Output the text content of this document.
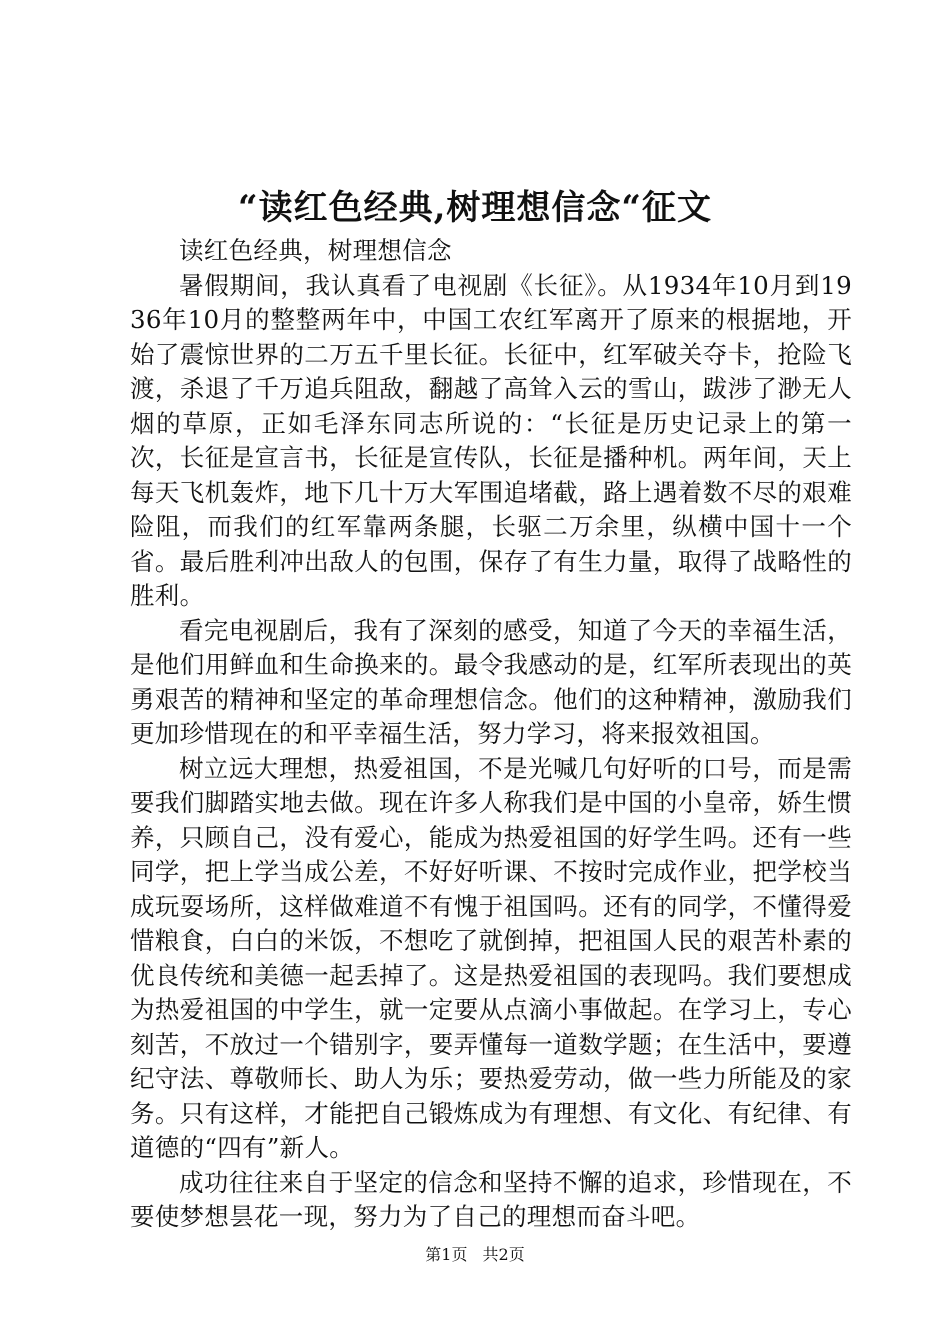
“读红色经典,树理想信念“征文

读红色经典，树理想信念

暑假期间，我认真看了电视剧《长征》。从1934年10月到1936年10月的整整两年中，中国工农红军离开了原来的根据地，开始了震惊世界的二万五千里长征。长征中，红军破关夺卡，抢险飞渡，杀退了千万追兵阻敌，翻越了高耸入云的雪山，跋涉了渺无人烟的草原，正如毛泽东同志所说的：“长征是历史记录上的第一次，长征是宣言书，长征是宣传队，长征是播种机。两年间，天上每天飞机轰炸，地下几十万大军围追堵截，路上遇着数不尽的艰难险阻，而我们的红军靠两条腿，长驱二万余里，纵横中国十一个省。最后胜利冲出敌人的包围，保存了有生力量，取得了战略性的胜利。

看完电视剧后，我有了深刻的感受，知道了今天的幸福生活，是他们用鲜血和生命换来的。最令我感动的是，红军所表现出的英勇艰苦的精神和坚定的革命理想信念。他们的这种精神，激励我们更加珍惜现在的和平幸福生活，努力学习，将来报效祖国。

树立远大理想，热爱祖国，不是光喊几句好听的口号，而是需要我们脚踏实地去做。现在许多人称我们是中国的小皇帝，娇生惯养，只顾自己，没有爱心，能成为热爱祖国的好学生吗。还有一些同学，把上学当成公差，不好好听课、不按时完成作业，把学校当成玩耍场所，这样做难道不有愧于祖国吗。还有的同学，不懂得爱惜粮食，白白的米饭，不想吃了就倒掉，把祖国人民的艰苦朴素的优良传统和美德一起丢掉了。这是热爱祖国的表现吗。我们要想成为热爱祖国的中学生，就一定要从点滴小事做起。在学习上，专心刻苦，不放过一个错别字，要弄懂每一道数学题；在生活中，要遵纪守法、尊敬师长、助人为乐；要热爱劳动，做一些力所能及的家务。只有这样，才能把自己锻炼成为有理想、有文化、有纪律、有道德的“四有”新人。

成功往往来自于坚定的信念和坚持不懈的追求，珍惜现在，不要使梦想昙花一现，努力为了自己的理想而奋斗吧。

第1页 共2页
